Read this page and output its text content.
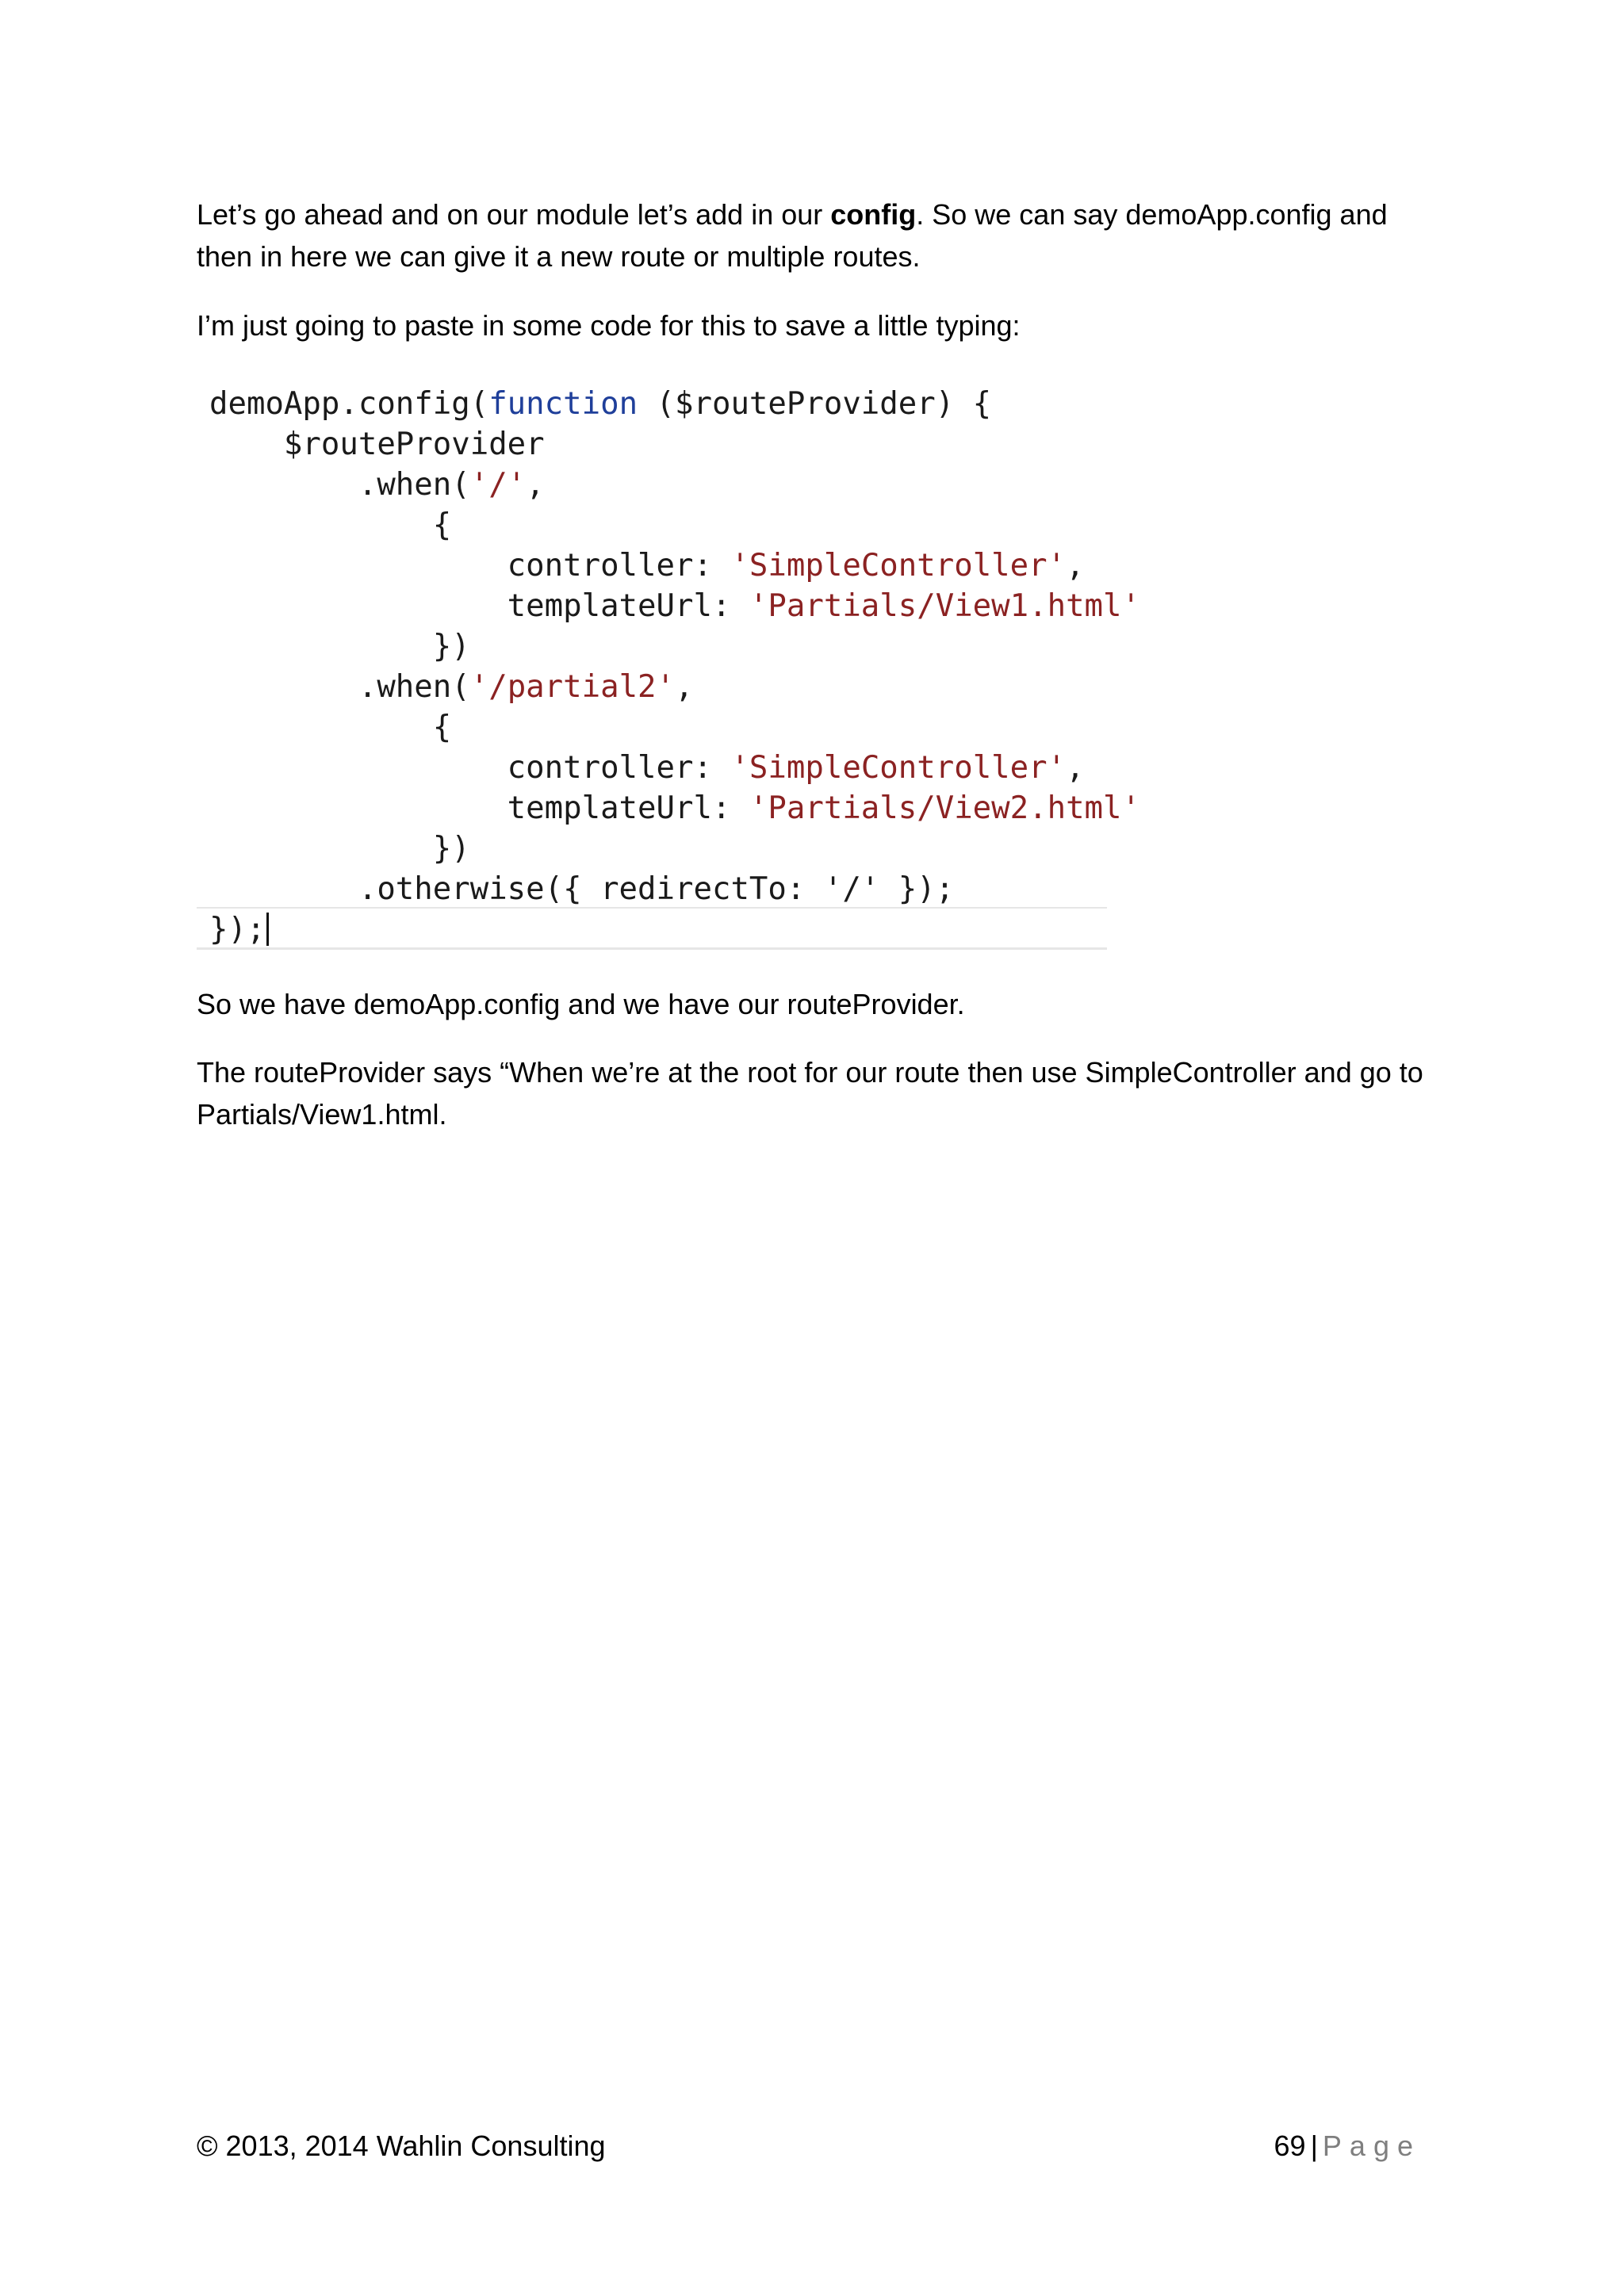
Let’s go ahead and on our module let’s add in our config. So we can say demoApp.config and then in here we can give it a new route or multiple routes.

I’m just going to paste in some code for this to save a little typing:

demoApp.config(function ($routeProvider) {
$routeProvider
.when('/',
{
controller: 'SimpleController',
templateUrl: 'Partials/View1.html'
})
.when('/partial2',
{
controller: 'SimpleController',
templateUrl: 'Partials/View2.html'
})
.otherwise({ redirectTo: '/' });
});

So we have demoApp.config and we have our routeProvider.

The routeProvider says “When we’re at the root for our route then use SimpleController and go to Partials/View1.html.

© 2013, 2014 Wahlin Consulting	69 | Page
